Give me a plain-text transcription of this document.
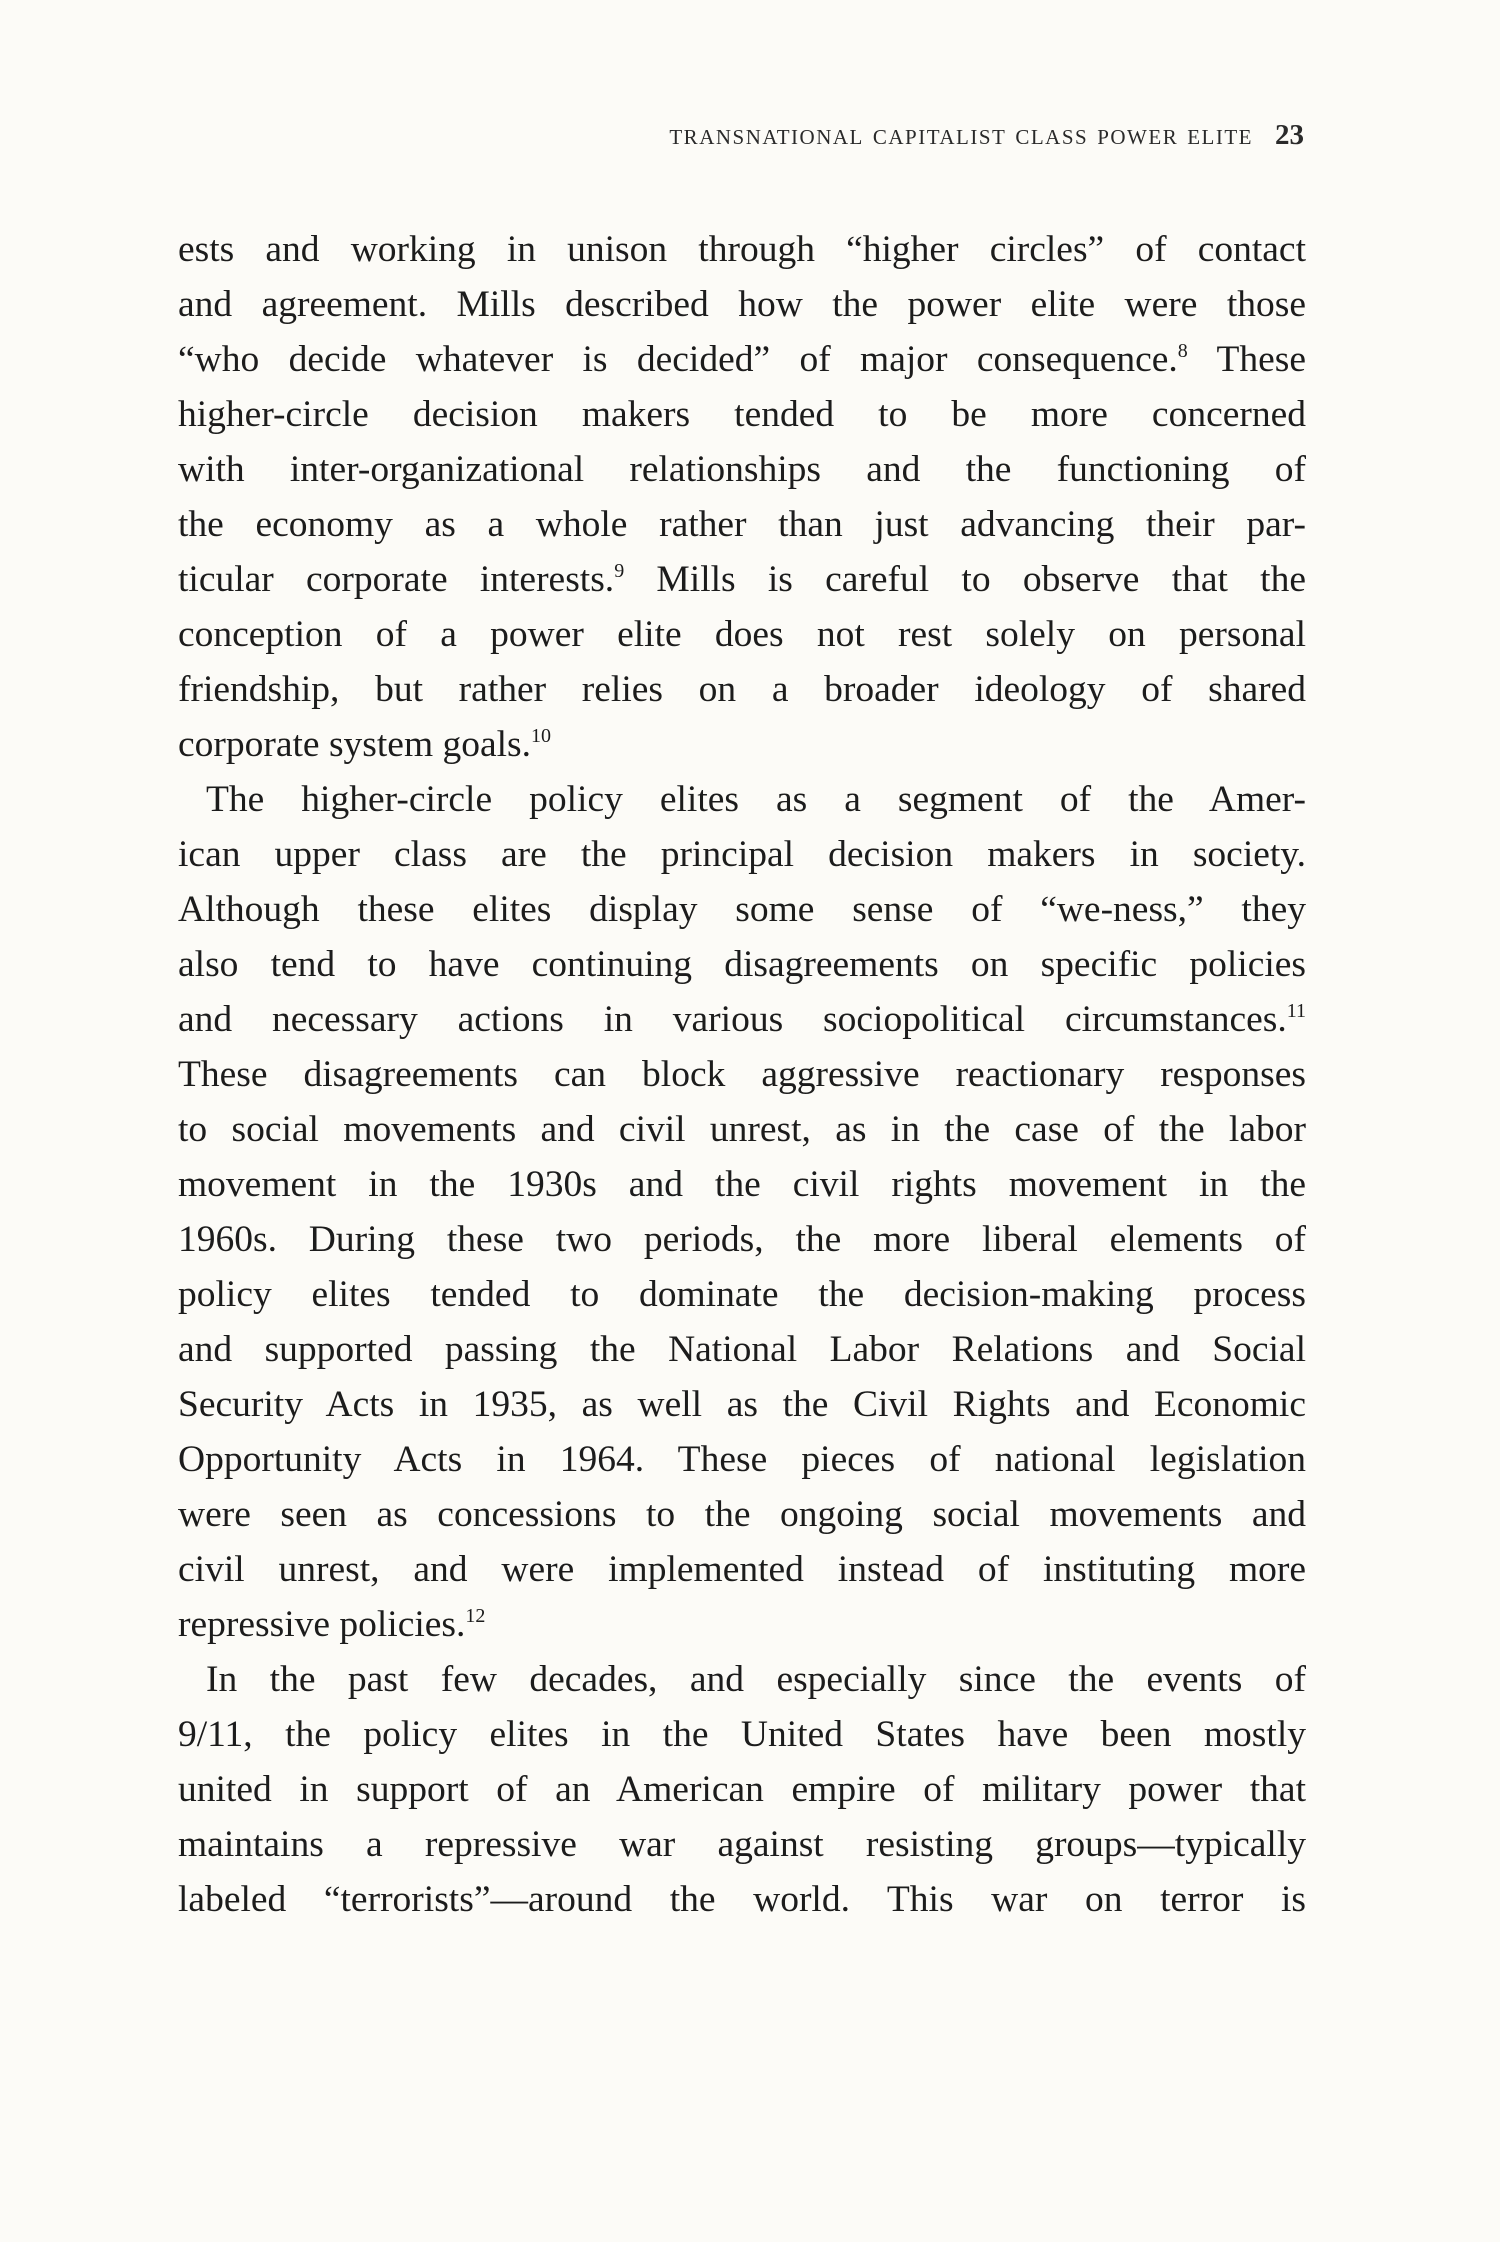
transnational capitalist class power elite 23
ests and working in unison through “higher circles” of contact
and agreement. Mills described how the power elite were those
“who decide whatever is decided” of major consequence.$^8$ These
higher-circle decision makers tended to be more concerned
with inter-organizational relationships and the functioning of
the economy as a whole rather than just advancing their par-
ticular corporate interests.$^9$ Mills is careful to observe that the
conception of a power elite does not rest solely on personal
friendship, but rather relies on a broader ideology of shared
corporate system goals.$^{10}$
The higher-circle policy elites as a segment of the Amer-
ican upper class are the principal decision makers in society.
Although these elites display some sense of “we-ness,” they
also tend to have continuing disagreements on specific policies
and necessary actions in various sociopolitical circumstances.$^{11}$
These disagreements can block aggressive reactionary responses
to social movements and civil unrest, as in the case of the labor
movement in the 1930s and the civil rights movement in the
1960s. During these two periods, the more liberal elements of
policy elites tended to dominate the decision-making process
and supported passing the National Labor Relations and Social
Security Acts in 1935, as well as the Civil Rights and Economic
Opportunity Acts in 1964. These pieces of national legislation
were seen as concessions to the ongoing social movements and
civil unrest, and were implemented instead of instituting more
repressive policies.$^{12}$
In the past few decades, and especially since the events of
9/11, the policy elites in the United States have been mostly
united in support of an American empire of military power that
maintains a repressive war against resisting groups—typically
labeled “terrorists”—around the world. This war on terror is
